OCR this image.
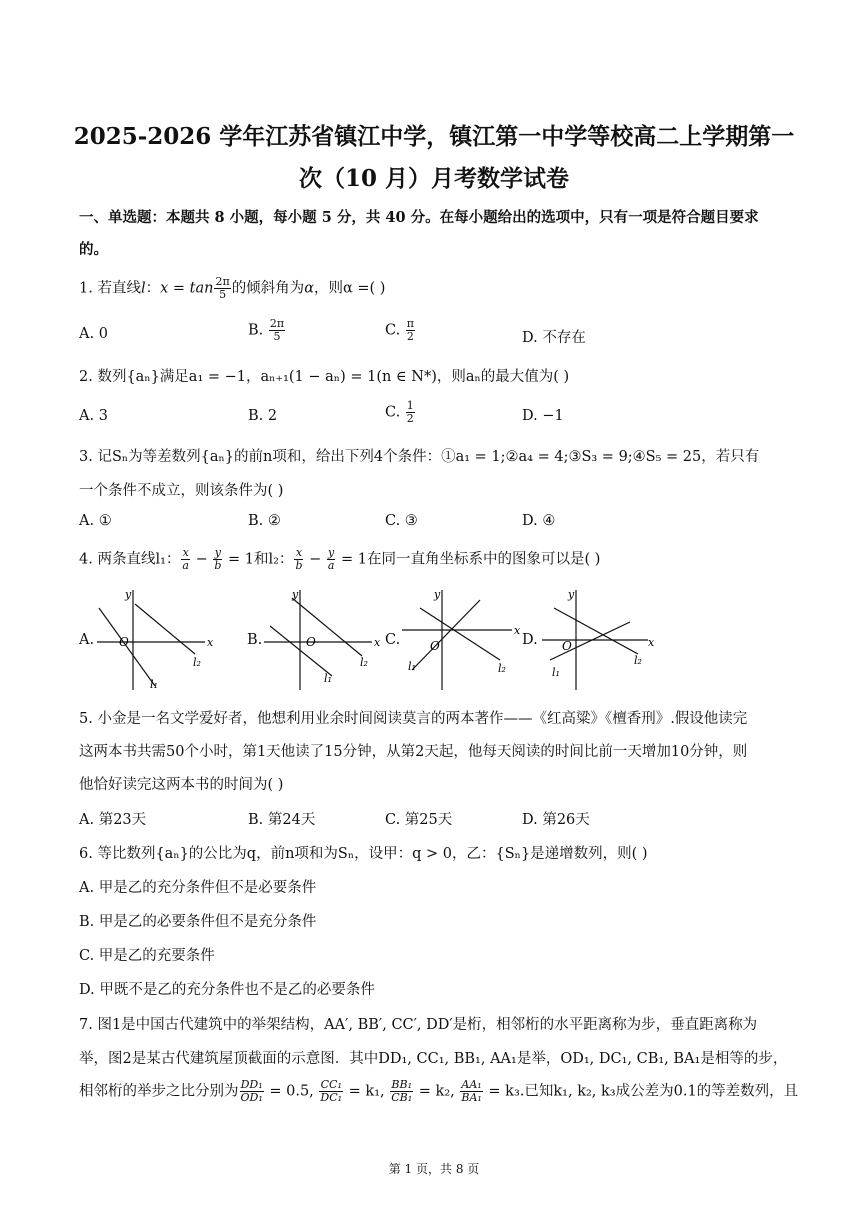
2025-2026 学年江苏省镇江中学，镇江第一中学等校高二上学期第一
次（10 月）月考数学试卷
一、单选题：本题共 8 小题，每小题 5 分，共 40 分。在每小题给出的选项中，只有一项是符合题目要求
的。
1. 若直线l：$x = \tan \frac{2\pi}{5}$ 的倾斜角为α，则α =( )
A. 0	B. $\frac{2\pi}{5}$	C. $\frac{\pi}{2}$	D. 不存在
2. 数列{aₙ}满足a₁ = −1，aₙ₊₁(1 − aₙ) = 1(n ∈ N*)，则aₙ的最大值为( )
A. 3	B. 2	C. $\frac{1}{2}$	D. −1
3. 记Sₙ为等差数列{aₙ}的前n项和，给出下列4个条件：①a₁ = 1;②a₄ = 4;③S₃ = 9;④S₅ = 25，若只有
一个条件不成立，则该条件为( )
A. ①	B. ②	C. ③	D. ④
4. 两条直线l₁： $\frac{x}{a} - \frac{y}{b} = 1$和l₂： $\frac{x}{b} - \frac{y}{a} = 1$在同一直角坐标系中的图象可以是( )
A.	B.	C.	D.
x
y
O
l₂
l₁
x
y
O
l₂
l₁
x
y
O
l₁	l₂
x
y
O
l₁
l₂
5. 小金是一名文学爱好者，他想利用业余时间阅读莫言的两本著作——《红高粱》《檀香刑》.假设他读完
这两本书共需50个小时，第1天他读了15分钟，从第2天起，他每天阅读的时间比前一天增加10分钟，则
他恰好读完这两本书的时间为( )
A. 第23天	B. 第24天	C. 第25天	D. 第26天
6. 等比数列{aₙ}的公比为q，前n项和为Sₙ，设甲：q > 0，乙：{Sₙ}是递增数列，则( )
A. 甲是乙的充分条件但不是必要条件
B. 甲是乙的必要条件但不是充分条件
C. 甲是乙的充要条件
D. 甲既不是乙的充分条件也不是乙的必要条件
7. 图1是中国古代建筑中的举架结构，AA′, BB′, CC′, DD′是桁，相邻桁的水平距离称为步，垂直距离称为
举，图2是某古代建筑屋顶截面的示意图．其中DD₁, CC₁, BB₁, AA₁是举，OD₁, DC₁, CB₁, BA₁是相等的步，
相邻桁的举步之比分别为 $\frac{\text{DD₁}}{\text{OD₁}} = 0.5$, $\frac{\text{CC₁}}{\text{DC₁}} = k_1$, $\frac{\text{BB₁}}{\text{CB₁}} = k_2$, $\frac{\text{AA₁}}{\text{BA₁}} = k_3$.已知k₁, k₂, k₃成公差为0.1的等差数列，且
第 1 页，共 8 页
